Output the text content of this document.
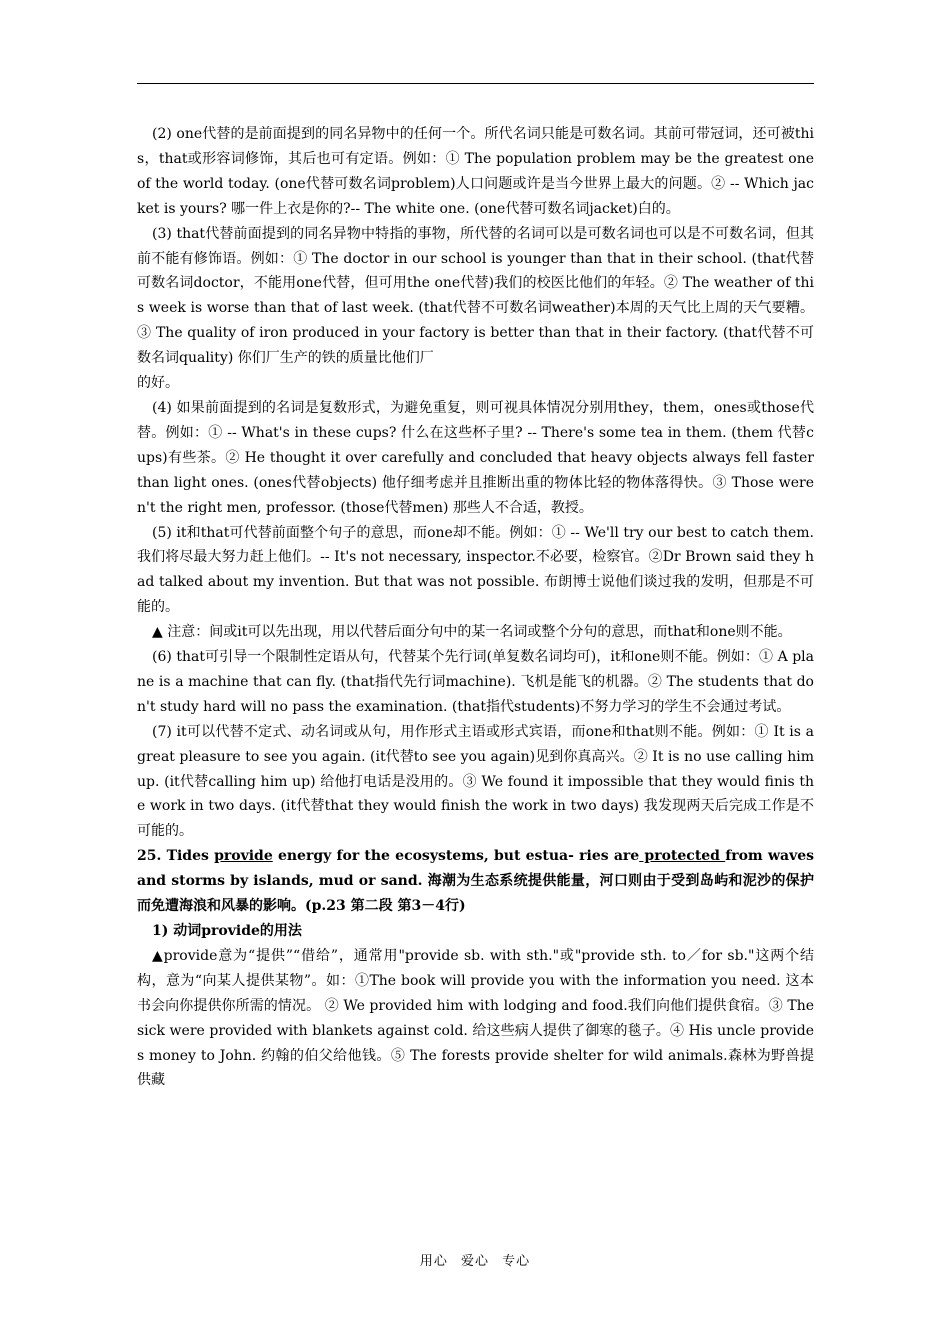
(2) one代替的是前面提到的同名异物中的任何一个。所代名词只能是可数名词。其前可带冠词，还可被this，that或形容词修饰，其后也可有定语。例如：① The population problem may be the greatest one of the world today. (one代替可数名词problem)人口问题或许是当今世界上最大的问题。② -- Which jacket is yours? 哪一件上衣是你的?-- The white one. (one代替可数名词jacket)白的。

(3) that代替前面提到的同名异物中特指的事物，所代替的名词可以是可数名词也可以是不可数名词，但其前不能有修饰语。例如：① The doctor in our school is younger than that in their school. (that代替可数名词doctor，不能用one代替，但可用the one代替)我们的校医比他们的年轻。② The weather of this week is worse than that of last week. (that代替不可数名词weather)本周的天气比上周的天气要糟。③ The quality of iron produced in your factory is better than that in their factory. (that代替不可数名词quality) 你们厂生产的铁的质量比他们厂

的好。

(4) 如果前面提到的名词是复数形式，为避免重复，则可视具体情况分别用they，them，ones或those代替。例如：① -- What's in these cups? 什么在这些杯子里? -- There's some tea in them. (them 代替cups)有些茶。② He thought it over carefully and concluded that heavy objects always fell faster than light ones. (ones代替objects) 他仔细考虑并且推断出重的物体比轻的物体落得快。③ Those weren't the right men, professor. (those代替men) 那些人不合适，教授。

(5) it和that可代替前面整个句子的意思，而one却不能。例如：① -- We'll try our best to catch them. 我们将尽最大努力赶上他们。-- It's not necessary, inspector.不必要，检察官。②Dr Brown said they had talked about my invention. But that was not possible. 布朗博士说他们谈过我的发明，但那是不可能的。

▲ 注意：间或it可以先出现，用以代替后面分句中的某一名词或整个分句的意思，而that和one则不能。

(6) that可引导一个限制性定语从句，代替某个先行词(单复数名词均可)，it和one则不能。例如：① A plane is a machine that can fly. (that指代先行词machine). 飞机是能飞的机器。② The students that don't study hard will no pass the examination. (that指代students)不努力学习的学生不会通过考试。

(7) it可以代替不定式、动名词或从句，用作形式主语或形式宾语，而one和that则不能。例如：① It is a great pleasure to see you again. (it代替to see you again)见到你真高兴。② It is no use calling him up. (it代替calling him up) 给他打电话是没用的。③ We found it impossible that they would finis the work in two days. (it代替that they would finish the work in two days) 我发现两天后完成工作是不可能的。

25. Tides provide energy for the ecosystems, but estua- ries are protected from waves and storms by islands, mud or sand. 海潮为生态系统提供能量，河口则由于受到岛屿和泥沙的保护而免遭海浪和风暴的影响。(p.23 第二段 第3－4行)

1) 动词provide的用法

▲provide意为“提供”“借给”，通常用"provide sb. with sth."或"provide sth. to／for sb."这两个结构，意为“向某人提供某物”。如：①The book will provide you with the information you need. 这本书会向你提供你所需的情况。 ② We provided him with lodging and food.我们向他们提供食宿。③ The sick were provided with blankets against cold. 给这些病人提供了御寒的毯子。④ His uncle provides money to John. 约翰的伯父给他钱。⑤ The forests provide shelter for wild animals.森林为野兽提供藏

用心 爱心 专心
